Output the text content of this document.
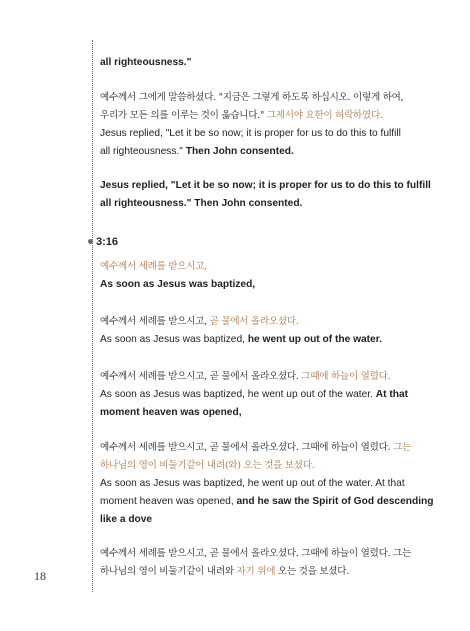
all righteousness."
예수께서 그에게 말씀하셨다. "지금은 그렇게 하도록 하십시오. 이렇게 하여,
우리가 모든 의를 이루는 것이 옳습니다." 그제서야 요한이 허락하였다.
Jesus replied, "Let it be so now; it is proper for us to do this to fulfill
all righteousness." Then John consented.
Jesus replied, "Let it be so now; it is proper for us to do this to fulfill
all righteousness." Then John consented.
3:16
예수께서 세례를 받으시고,
As soon as Jesus was baptized,
예수께서 세례를 받으시고, 곧 물에서 올라오셨다.
As soon as Jesus was baptized, he went up out of the water.
예수께서 세례를 받으시고, 곧 물에서 올라오셨다. 그때에 하늘이 열렸다.
As soon as Jesus was baptized, he went up out of the water. At that
moment heaven was opened,
예수께서 세례를 받으시고, 곧 물에서 올라오셨다. 그때에 하늘이 열렸다. 그는
하나님의 영이 비둘기같이 내려(와) 오는 것을 보셨다.
As soon as Jesus was baptized, he went up out of the water. At that
moment heaven was opened, and he saw the Spirit of God descending
like a dove
예수께서 세례를 받으시고, 곧 물에서 올라오셨다. 그때에 하늘이 열렸다. 그는
하나님의 영이 비둘기같이 내려와 자기 위에 오는 것을 보셨다.
18
